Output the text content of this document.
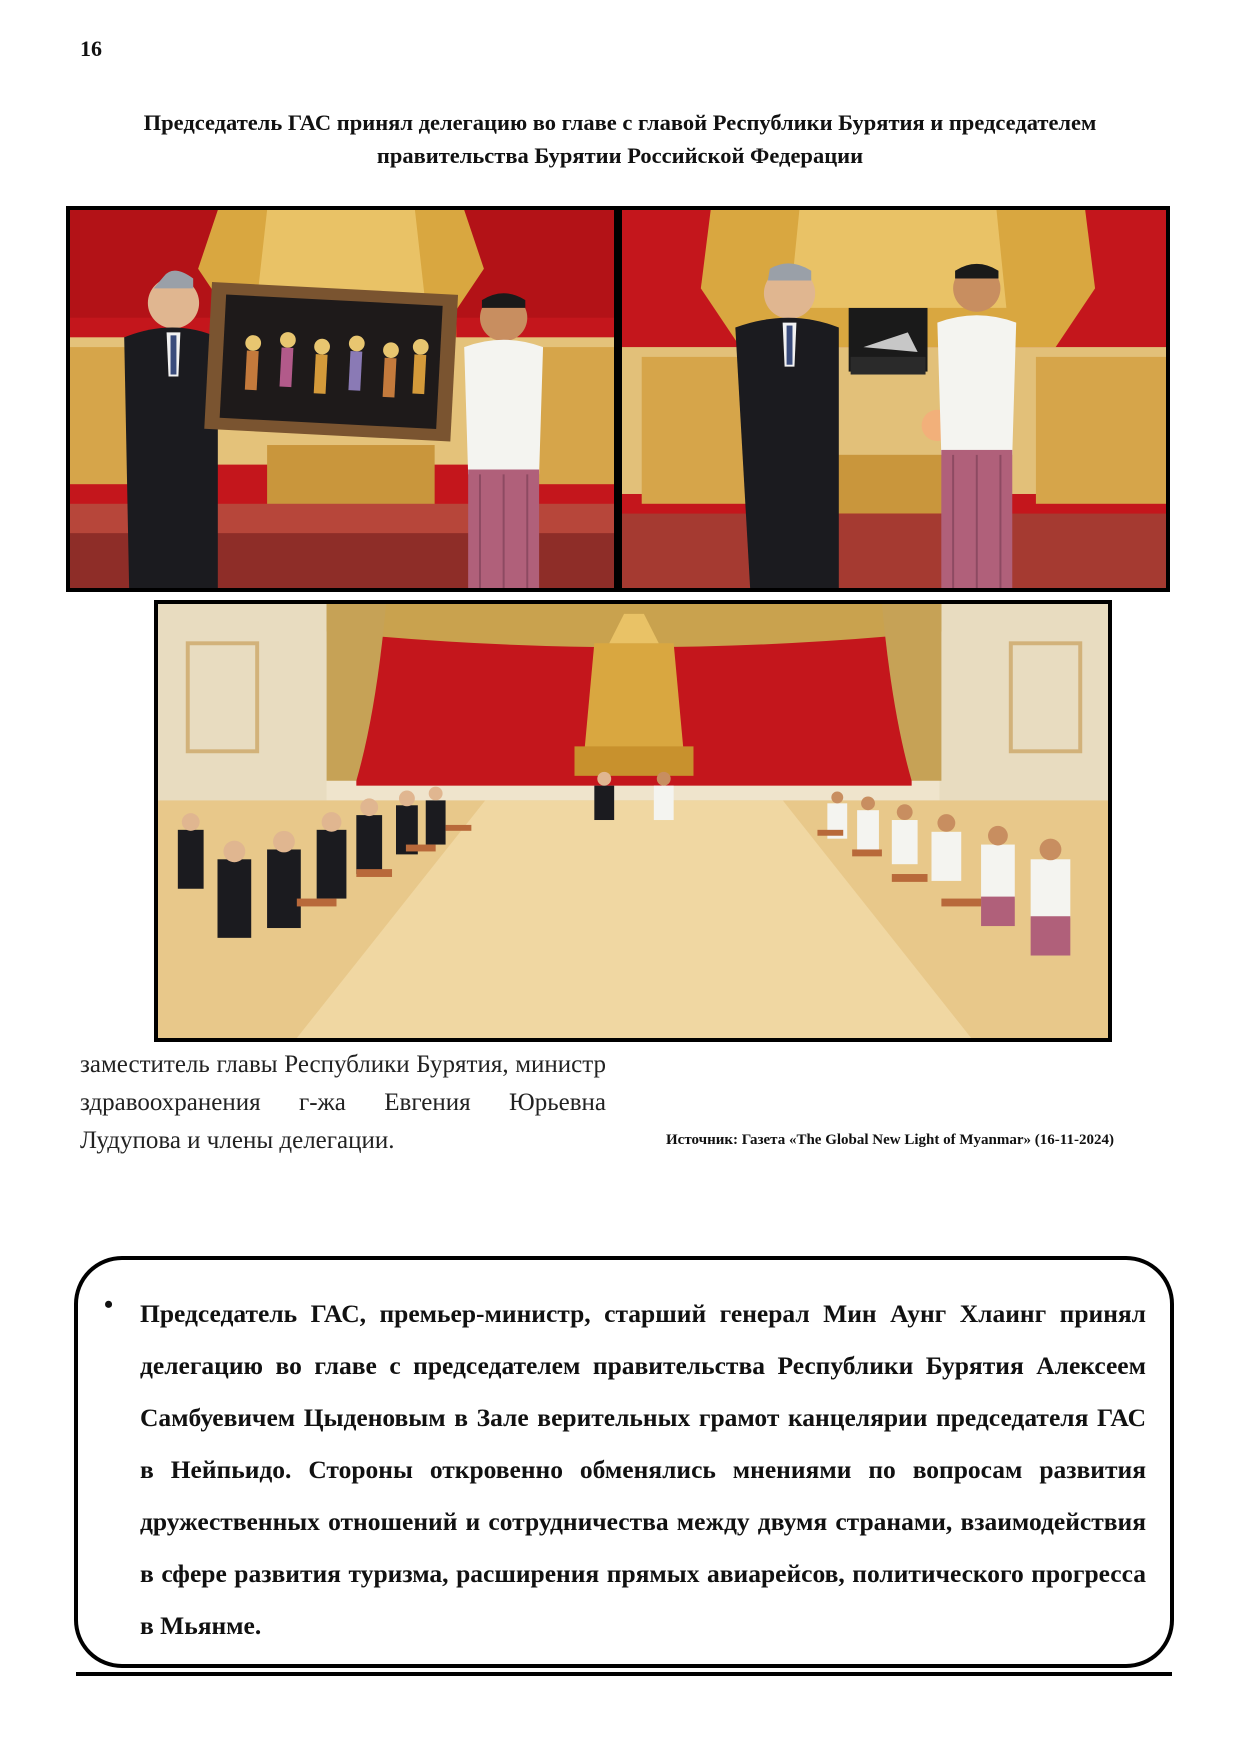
16
Председатель ГАС принял делегацию во главе с главой Республики Бурятия и председателем правительства Бурятии Российской Федерации
заместитель главы Республики Бурятия, министр здравоохранения г-жа Евгения Юрьевна Лудупова и члены делегации.	Источник: Газета «The Global New Light of Myanmar» (16-11-2024)
• Председатель ГАС, премьер-министр, старший генерал Мин Аунг Хлаинг принял делегацию во главе с председателем правительства Республики Бурятия Алексеем Самбуевичем Цыденовым в Зале верительных грамот канцелярии председателя ГАС в Нейпьидо. Стороны откровенно обменялись мнениями по вопросам развития дружественных отношений и сотрудничества между двумя странами, взаимодействия в сфере развития туризма, расширения прямых авиарейсов, политического прогресса в Мьянме.
